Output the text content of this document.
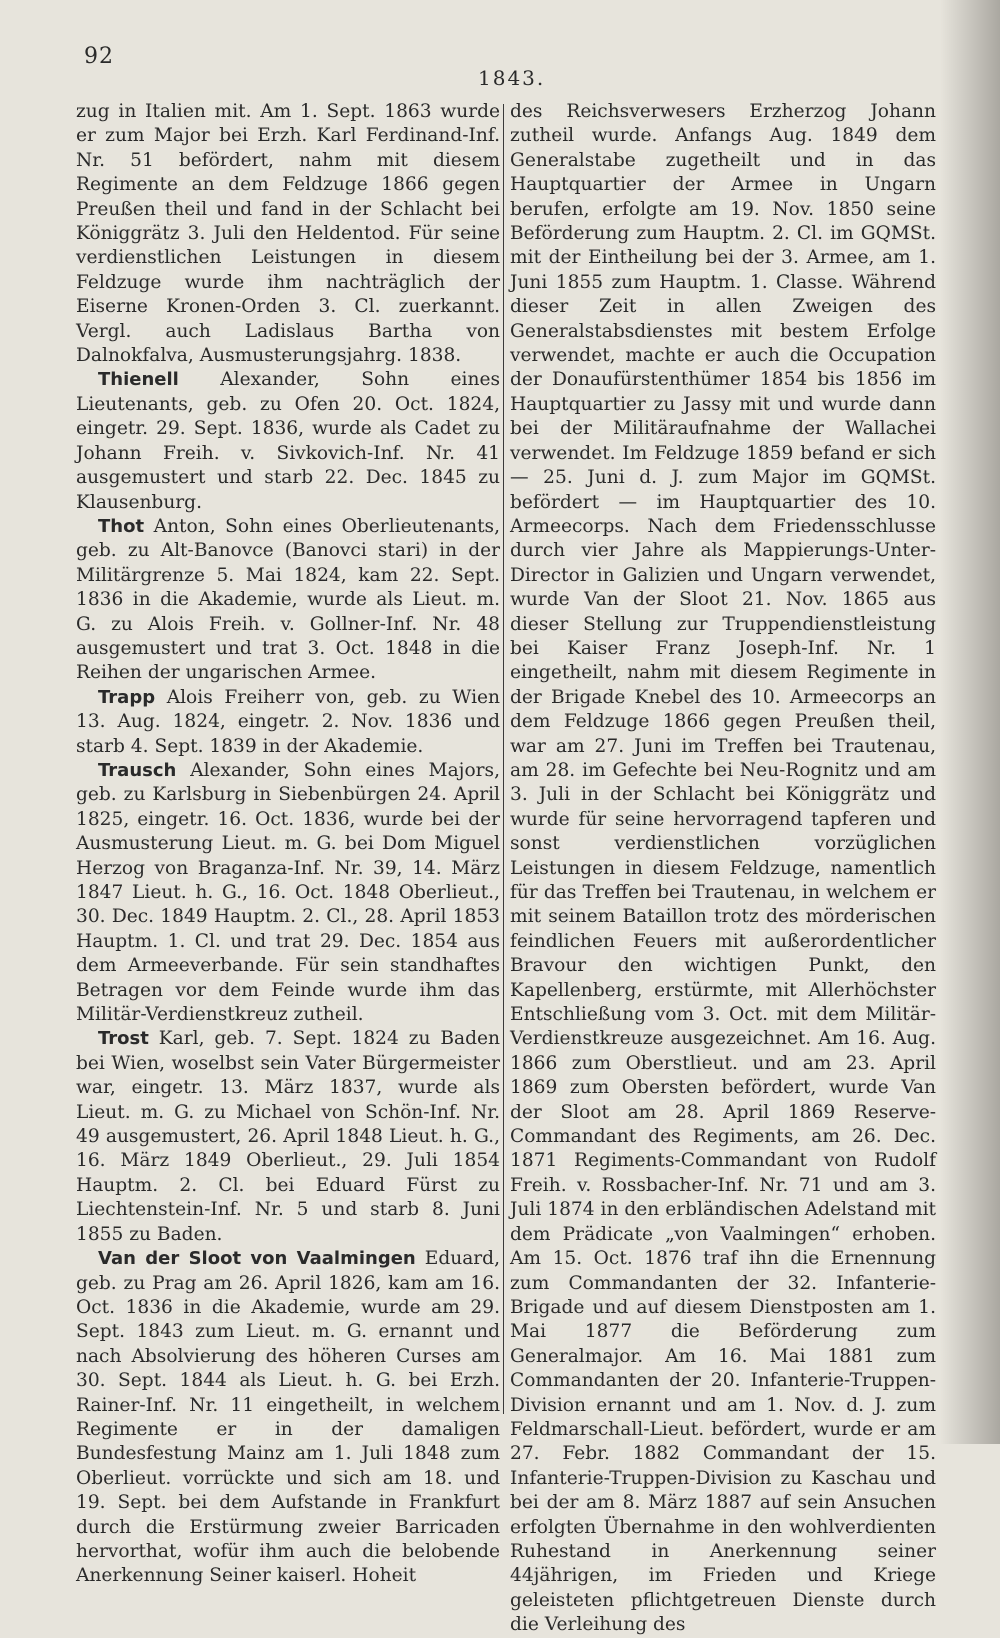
92
1843.

zug in Italien mit. Am 1. Sept. 1863 wurde er zum Major bei Erzh. Karl Ferdinand-Inf. Nr. 51 befördert, nahm mit diesem Regimente an dem Feldzuge 1866 gegen Preußen theil und fand in der Schlacht bei Königgrätz 3. Juli den Heldentod. Für seine verdienstlichen Leistungen in diesem Feldzuge wurde ihm nachträglich der Eiserne Kronen-Orden 3. Cl. zuerkannt. Vergl. auch Ladislaus Bartha von Dalnokfalva, Ausmusterungsjahrg. 1838.

Thienell Alexander, Sohn eines Lieutenants, geb. zu Ofen 20. Oct. 1824, eingetr. 29. Sept. 1836, wurde als Cadet zu Johann Freih. v. Sivkovich-Inf. Nr. 41 ausgemustert und starb 22. Dec. 1845 zu Klausenburg.

Thot Anton, Sohn eines Oberlieutenants, geb. zu Alt-Banovce (Banovci stari) in der Militärgrenze 5. Mai 1824, kam 22. Sept. 1836 in die Akademie, wurde als Lieut. m. G. zu Alois Freih. v. Gollner-Inf. Nr. 48 ausgemustert und trat 3. Oct. 1848 in die Reihen der ungarischen Armee.

Trapp Alois Freiherr von, geb. zu Wien 13. Aug. 1824, eingetr. 2. Nov. 1836 und starb 4. Sept. 1839 in der Akademie.

Trausch Alexander, Sohn eines Majors, geb. zu Karlsburg in Siebenbürgen 24. April 1825, eingetr. 16. Oct. 1836, wurde bei der Ausmusterung Lieut. m. G. bei Dom Miguel Herzog von Braganza-Inf. Nr. 39, 14. März 1847 Lieut. h. G., 16. Oct. 1848 Oberlieut., 30. Dec. 1849 Hauptm. 2. Cl., 28. April 1853 Hauptm. 1. Cl. und trat 29. Dec. 1854 aus dem Armeeverbande. Für sein standhaftes Betragen vor dem Feinde wurde ihm das Militär-Verdienstkreuz zutheil.

Trost Karl, geb. 7. Sept. 1824 zu Baden bei Wien, woselbst sein Vater Bürgermeister war, eingetr. 13. März 1837, wurde als Lieut. m. G. zu Michael von Schön-Inf. Nr. 49 ausgemustert, 26. April 1848 Lieut. h. G., 16. März 1849 Oberlieut., 29. Juli 1854 Hauptm. 2. Cl. bei Eduard Fürst zu Liechtenstein-Inf. Nr. 5 und starb 8. Juni 1855 zu Baden.

Van der Sloot von Vaalmingen Eduard, geb. zu Prag am 26. April 1826, kam am 16. Oct. 1836 in die Akademie, wurde am 29. Sept. 1843 zum Lieut. m. G. ernannt und nach Absolvierung des höheren Curses am 30. Sept. 1844 als Lieut. h. G. bei Erzh. Rainer-Inf. Nr. 11 eingetheilt, in welchem Regimente er in der damaligen Bundesfestung Mainz am 1. Juli 1848 zum Oberlieut. vorrückte und sich am 18. und 19. Sept. bei dem Aufstande in Frankfurt durch die Erstürmung zweier Barricaden hervorthat, wofür ihm auch die belobende Anerkennung Seiner kaiserl. Hoheit

des Reichsverwesers Erzherzog Johann zutheil wurde. Anfangs Aug. 1849 dem Generalstabe zugetheilt und in das Hauptquartier der Armee in Ungarn berufen, erfolgte am 19. Nov. 1850 seine Beförderung zum Hauptm. 2. Cl. im GQMSt. mit der Eintheilung bei der 3. Armee, am 1. Juni 1855 zum Hauptm. 1. Classe. Während dieser Zeit in allen Zweigen des Generalstabsdienstes mit bestem Erfolge verwendet, machte er auch die Occupation der Donaufürstenthümer 1854 bis 1856 im Hauptquartier zu Jassy mit und wurde dann bei der Militäraufnahme der Wallachei verwendet. Im Feldzuge 1859 befand er sich — 25. Juni d. J. zum Major im GQMSt. befördert — im Hauptquartier des 10. Armeecorps. Nach dem Friedensschlusse durch vier Jahre als Mappierungs-Unter-Director in Galizien und Ungarn verwendet, wurde Van der Sloot 21. Nov. 1865 aus dieser Stellung zur Truppendienstleistung bei Kaiser Franz Joseph-Inf. Nr. 1 eingetheilt, nahm mit diesem Regimente in der Brigade Knebel des 10. Armeecorps an dem Feldzuge 1866 gegen Preußen theil, war am 27. Juni im Treffen bei Trautenau, am 28. im Gefechte bei Neu-Rognitz und am 3. Juli in der Schlacht bei Königgrätz und wurde für seine hervorragend tapferen und sonst verdienstlichen vorzüglichen Leistungen in diesem Feldzuge, namentlich für das Treffen bei Trautenau, in welchem er mit seinem Bataillon trotz des mörderischen feindlichen Feuers mit außerordentlicher Bravour den wichtigen Punkt, den Kapellenberg, erstürmte, mit Allerhöchster Entschließung vom 3. Oct. mit dem Militär-Verdienstkreuze ausgezeichnet. Am 16. Aug. 1866 zum Oberstlieut. und am 23. April 1869 zum Obersten befördert, wurde Van der Sloot am 28. April 1869 Reserve-Commandant des Regiments, am 26. Dec. 1871 Regiments-Commandant von Rudolf Freih. v. Rossbacher-Inf. Nr. 71 und am 3. Juli 1874 in den erbländischen Adelstand mit dem Prädicate „von Vaalmingen“ erhoben. Am 15. Oct. 1876 traf ihn die Ernennung zum Commandanten der 32. Infanterie-Brigade und auf diesem Dienstposten am 1. Mai 1877 die Beförderung zum Generalmajor. Am 16. Mai 1881 zum Commandanten der 20. Infanterie-Truppen-Division ernannt und am 1. Nov. d. J. zum Feldmarschall-Lieut. befördert, wurde er am 27. Febr. 1882 Commandant der 15. Infanterie-Truppen-Division zu Kaschau und bei der am 8. März 1887 auf sein Ansuchen erfolgten Übernahme in den wohlverdienten Ruhestand in Anerkennung seiner 44jährigen, im Frieden und Kriege geleisteten pflichtgetreuen Dienste durch die Verleihung des
